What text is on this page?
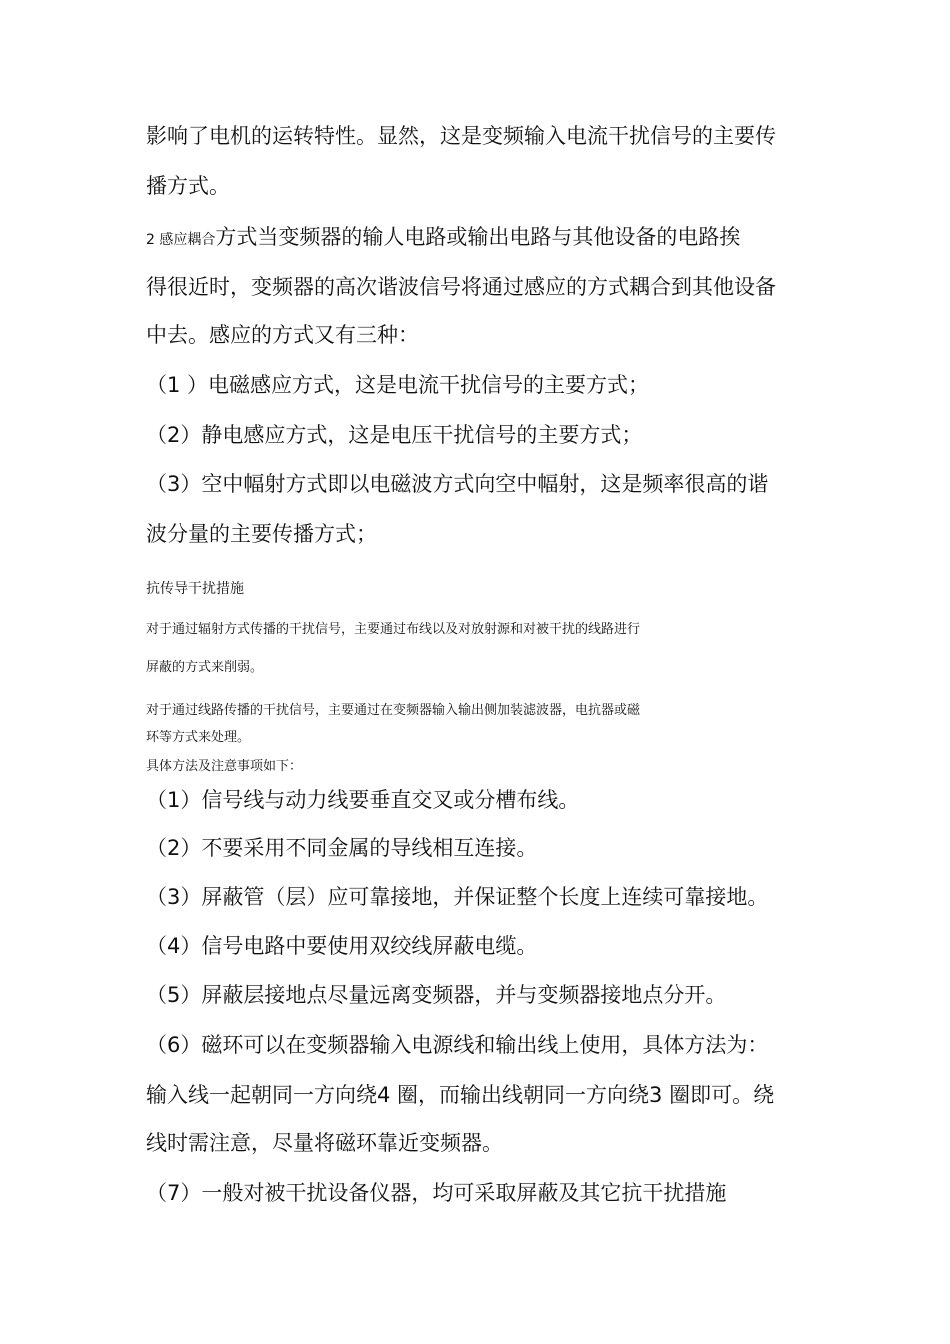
影响了电机的运转特性。显然，这是变频输入电流干扰信号的主要传
播方式。
2 感应耦合方式当变频器的输人电路或输出电路与其他设备的电路挨
得很近时，变频器的高次谐波信号将通过感应的方式耦合到其他设备
中去。感应的方式又有三种：
（1 ）电磁感应方式，这是电流干扰信号的主要方式；
（2）静电感应方式，这是电压干扰信号的主要方式；
（3）空中幅射方式即以电磁波方式向空中幅射，这是频率很高的谐
波分量的主要传播方式；
抗传导干扰措施
对于通过辐射方式传播的干扰信号，主要通过布线以及对放射源和对被干扰的线路进行
屏蔽的方式来削弱。
对于通过线路传播的干扰信号，主要通过在变频器输入输出侧加装滤波器，电抗器或磁
环等方式来处理。
具体方法及注意事项如下：
（1）信号线与动力线要垂直交叉或分槽布线。
（2）不要采用不同金属的导线相互连接。
（3）屏蔽管（层）应可靠接地，并保证整个长度上连续可靠接地。
（4）信号电路中要使用双绞线屏蔽电缆。
（5）屏蔽层接地点尽量远离变频器，并与变频器接地点分开。
（6）磁环可以在变频器输入电源线和输出线上使用，具体方法为：
输入线一起朝同一方向绕4 圈，而输出线朝同一方向绕3 圈即可。绕
线时需注意，尽量将磁环靠近变频器。
（7）一般对被干扰设备仪器，均可采取屏蔽及其它抗干扰措施
